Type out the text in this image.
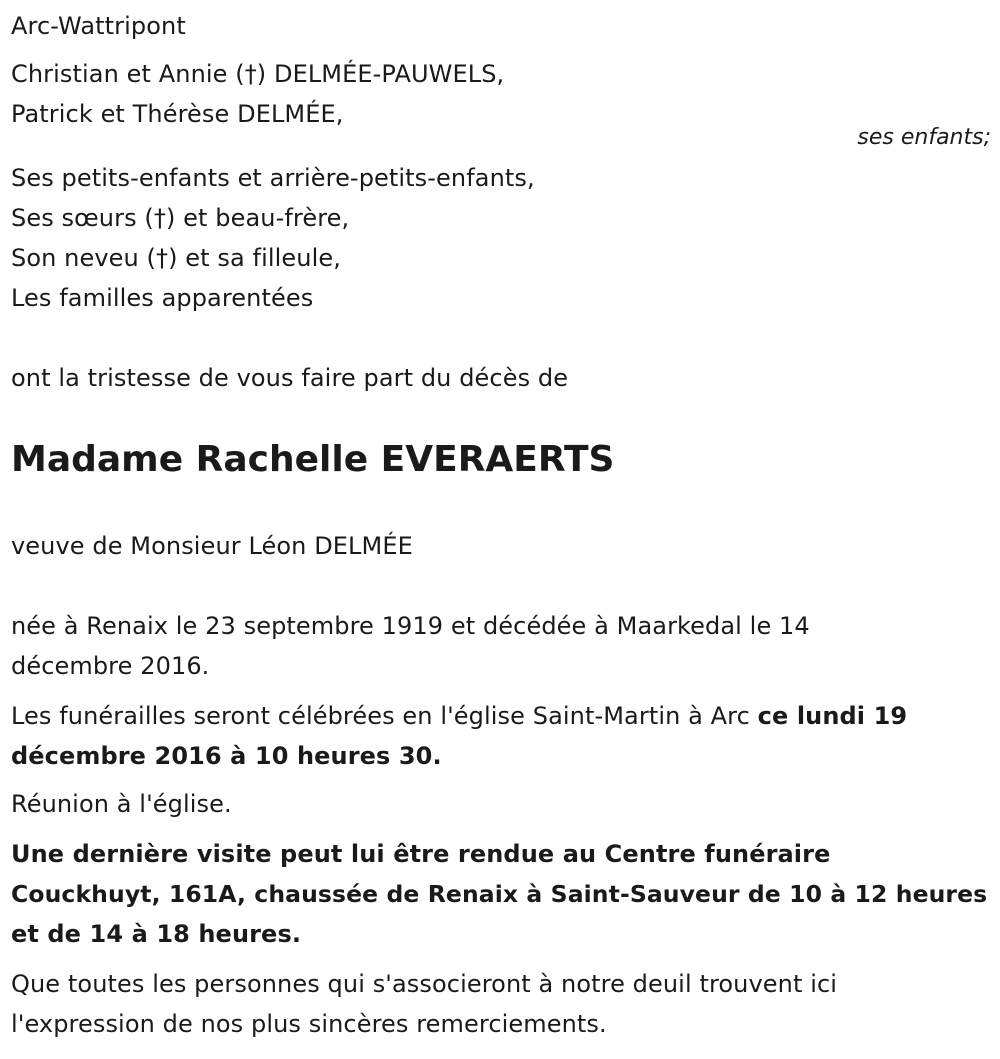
Arc-Wattripont
Christian et Annie (†) DELMÉE-PAUWELS,
Patrick et Thérèse DELMÉE,
ses enfants;
Ses petits-enfants et arrière-petits-enfants,
Ses sœurs (†) et beau-frère,
Son neveu (†) et sa filleule,
Les familles apparentées
ont la tristesse de vous faire part du décès de
Madame Rachelle EVERAERTS
veuve de Monsieur Léon DELMÉE
née à Renaix le 23 septembre 1919 et décédée à Maarkedal le 14
décembre 2016.
Les funérailles seront célébrées en l'église Saint-Martin à Arc ce lundi 19
décembre 2016 à 10 heures 30.
Réunion à l'église.
Une dernière visite peut lui être rendue au Centre funéraire
Couckhuyt, 161A, chaussée de Renaix à Saint-Sauveur de 10 à 12 heures
et de 14 à 18 heures.
Que toutes les personnes qui s'associeront à notre deuil trouvent ici
l'expression de nos plus sincères remerciements.
